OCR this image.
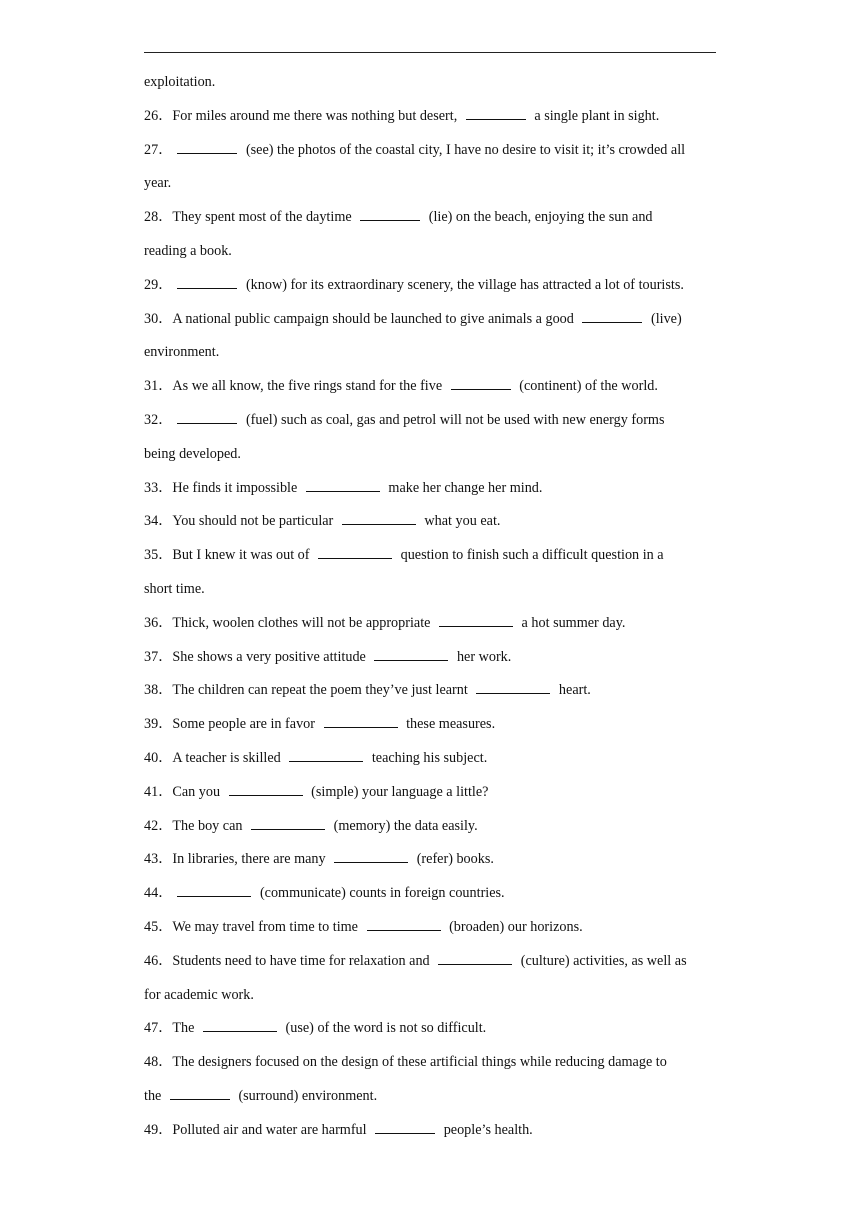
exploitation.
26．For miles around me there was nothing but desert,	a single plant in sight.
27．	(see) the photos of the coastal city, I have no desire to visit it; it’s crowded all
year.
28．They spent most of the daytime	(lie) on the beach, enjoying the sun and
reading a book.
29．	(know) for its extraordinary scenery, the village has attracted a lot of tourists.
30．A national public campaign should be launched to give animals a good	(live)
environment.
31．As we all know, the five rings stand for the five	(continent) of the world.
32．	(fuel) such as coal, gas and petrol will not be used with new energy forms
being developed.
33．He finds it impossible	make her change her mind.
34．You should not be particular	what you eat.
35．But I knew it was out of	question to finish such a difficult question in a
short time.
36．Thick, woolen clothes will not be appropriate	a hot summer day.
37．She shows a very positive attitude	her work.
38．The children can repeat the poem they’ve just learnt	heart.
39．Some people are in favor	these measures.
40．A teacher is skilled	teaching his subject.
41．Can you	(simple) your language a little?
42．The boy can	(memory) the data easily.
43．In libraries, there are many	(refer) books.
44．	(communicate) counts in foreign countries.
45．We may travel from time to time	(broaden) our horizons.
46．Students need to have time for relaxation and	(culture) activities, as well as
for academic work.
47．The	(use) of the word is not so difficult.
48．The designers focused on the design of these artificial things while reducing damage to
the	(surround) environment.
49．Polluted air and water are harmful	people’s health.
